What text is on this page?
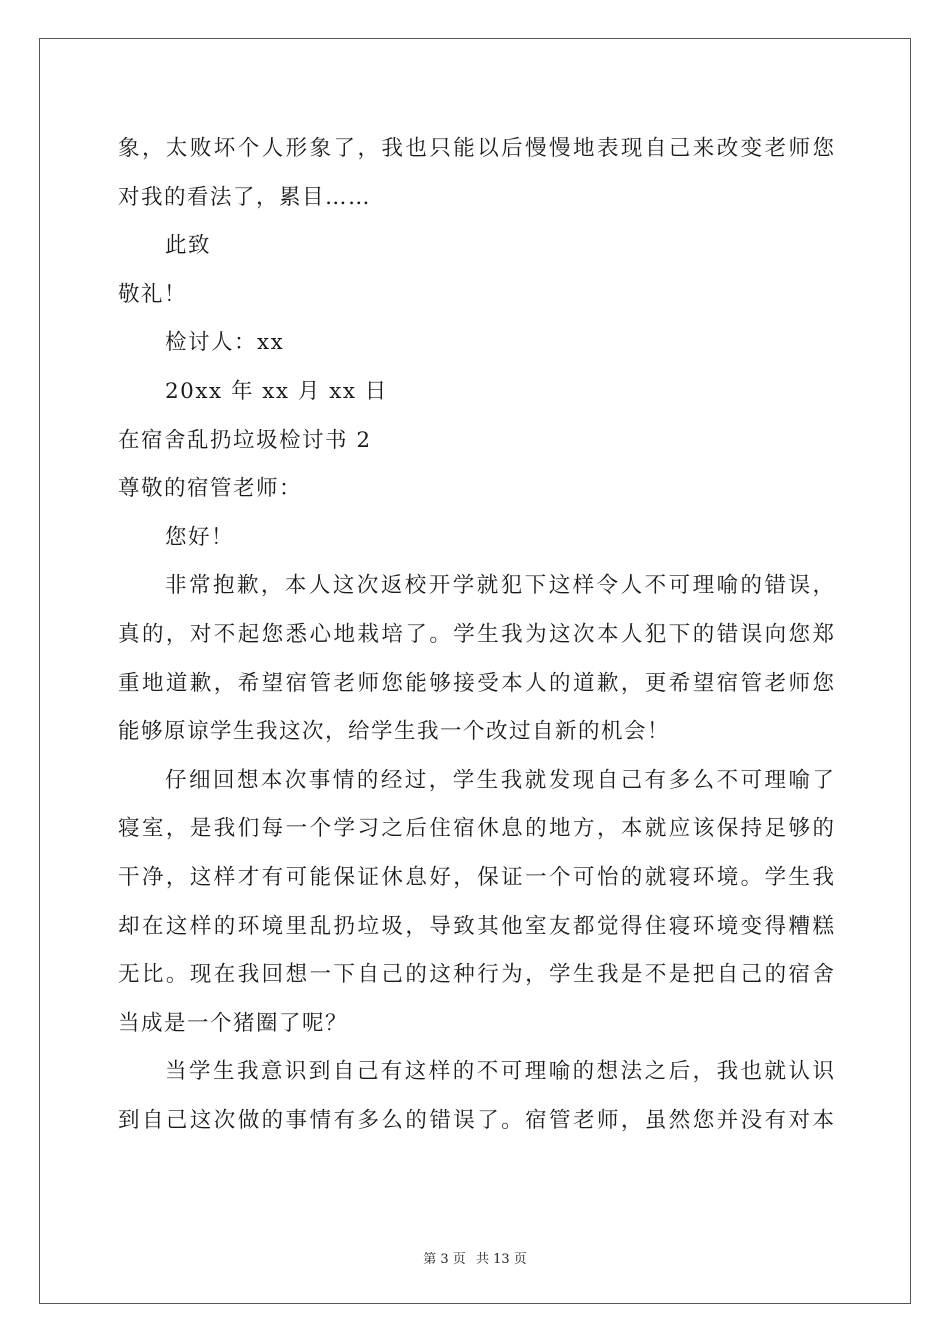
象，太败坏个人形象了，我也只能以后慢慢地表现自己来改变老师您
对我的看法了，累目……
此致
敬礼！
检讨人：xx
20xx 年 xx 月 xx 日
在宿舍乱扔垃圾检讨书 2
尊敬的宿管老师：
您好！
非常抱歉，本人这次返校开学就犯下这样令人不可理喻的错误，
真的，对不起您悉心地栽培了。学生我为这次本人犯下的错误向您郑
重地道歉，希望宿管老师您能够接受本人的道歉，更希望宿管老师您
能够原谅学生我这次，给学生我一个改过自新的机会！
仔细回想本次事情的经过，学生我就发现自己有多么不可理喻了
寝室，是我们每一个学习之后住宿休息的地方，本就应该保持足够的
干净，这样才有可能保证休息好，保证一个可怡的就寝环境。学生我
却在这样的环境里乱扔垃圾，导致其他室友都觉得住寝环境变得糟糕
无比。现在我回想一下自己的这种行为，学生我是不是把自己的宿舍
当成是一个猪圈了呢？
当学生我意识到自己有这样的不可理喻的想法之后，我也就认识
到自己这次做的事情有多么的错误了。宿管老师，虽然您并没有对本
第 3 页 共 13 页
